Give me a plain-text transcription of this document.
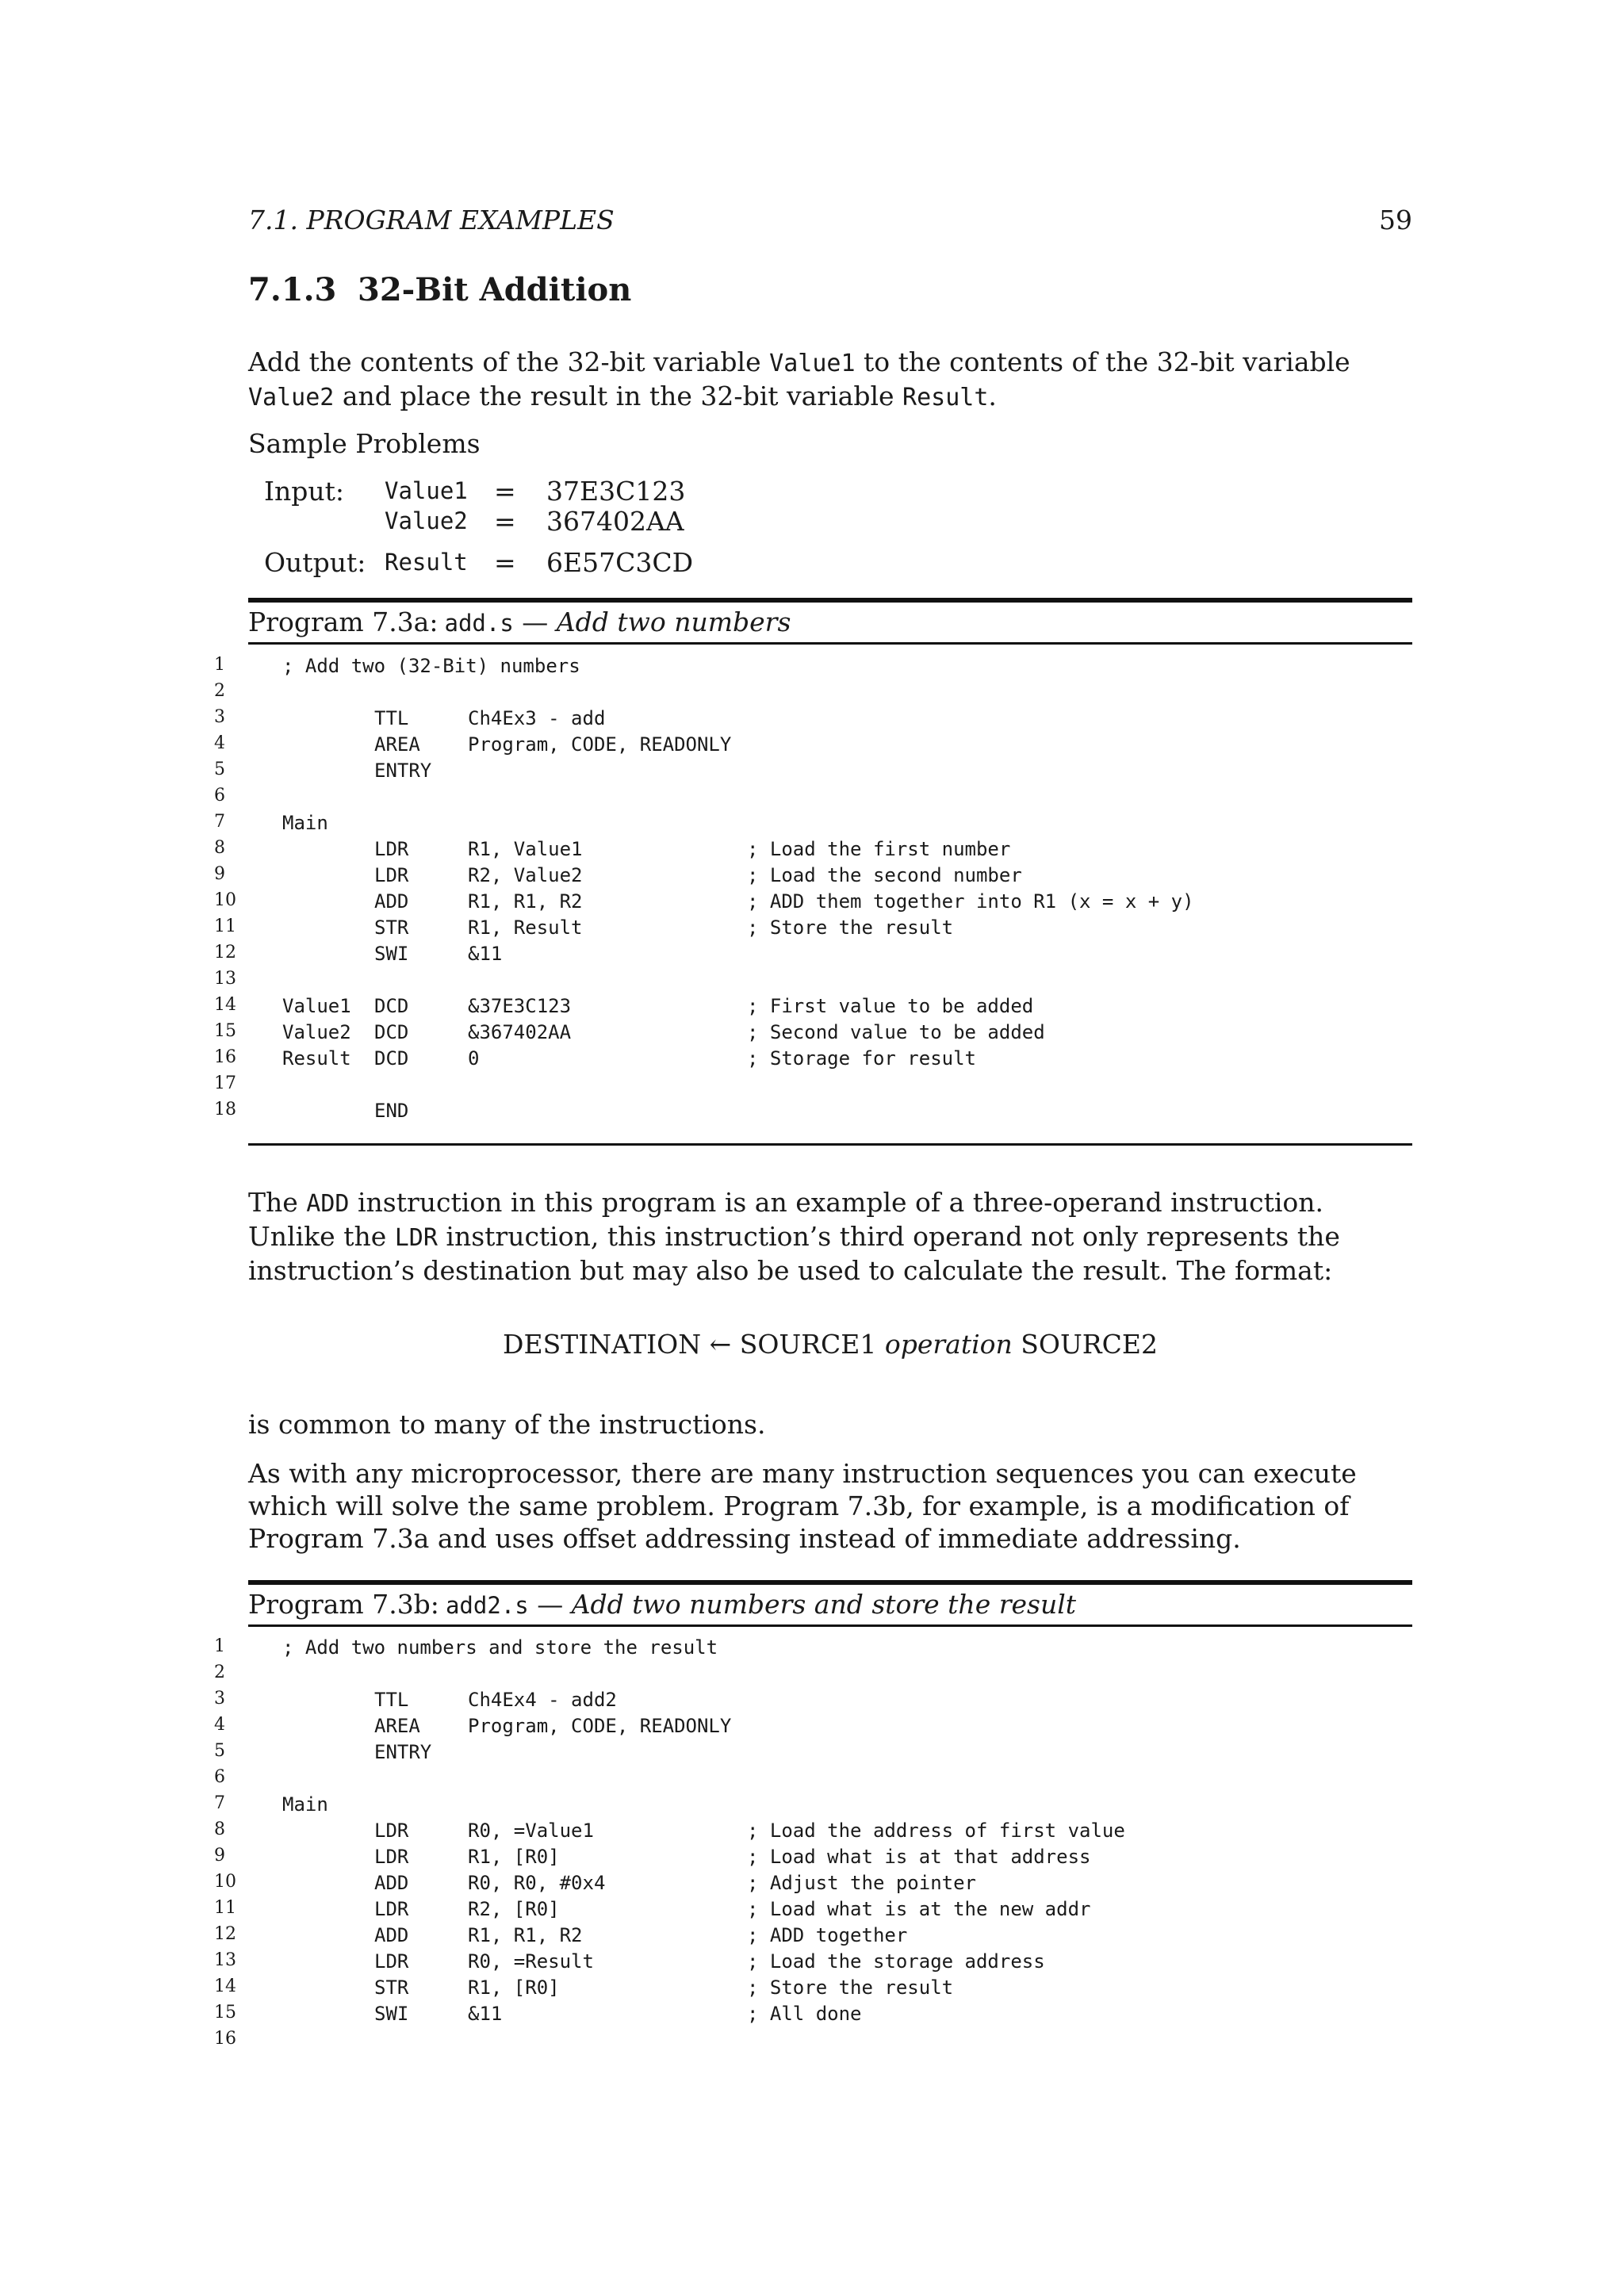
7.1. PROGRAM EXAMPLES	59
7.1.3 32-Bit Addition

Add the contents of the 32-bit variable Value1 to the contents of the 32-bit variable Value2 and place the result in the 32-bit variable Result.

Sample Problems
Input: Value1 = 37E3C123
Value2 = 367402AA
Output: Result = 6E57C3CD
Program 7.3a: add.s — Add two numbers
1	; Add two (32-Bit) numbers
2
3	TTL	Ch4Ex3 - add
4	AREA	Program, CODE, READONLY
5	ENTRY
6
7	Main
8	LDR	R1, Value1	; Load the first number
9	LDR	R2, Value2	; Load the second number
10	ADD	R1, R1, R2	; ADD them together into R1 (x = x + y)
11	STR	R1, Result	; Store the result
12	SWI	&11
13
14	Value1 DCD	&37E3C123	; First value to be added
15	Value2 DCD	&367402AA	; Second value to be added
16	Result DCD	0	; Storage for result
17
18	END

The ADD instruction in this program is an example of a three-operand instruction. Unlike the LDR instruction, this instruction’s third operand not only represents the instruction’s destination but may also be used to calculate the result. The format:

DESTINATION ← SOURCE1 operation SOURCE2

is common to many of the instructions.

As with any microprocessor, there are many instruction sequences you can execute which will solve the same problem. Program 7.3b, for example, is a modification of Program 7.3a and uses offset addressing instead of immediate addressing.

Program 7.3b: add2.s — Add two numbers and store the result
1	; Add two numbers and store the result
2
3	TTL	Ch4Ex4 - add2
4	AREA	Program, CODE, READONLY
5	ENTRY
6
7	Main
8	LDR	R0, =Value1	; Load the address of first value
9	LDR	R1, [R0]	; Load what is at that address
10	ADD	R0, R0, #0x4	; Adjust the pointer
11	LDR	R2, [R0]	; Load what is at the new addr
12	ADD	R1, R1, R2	; ADD together
13	LDR	R0, =Result	; Load the storage address
14	STR	R1, [R0]	; Store the result
15	SWI	&11	; All done
16
